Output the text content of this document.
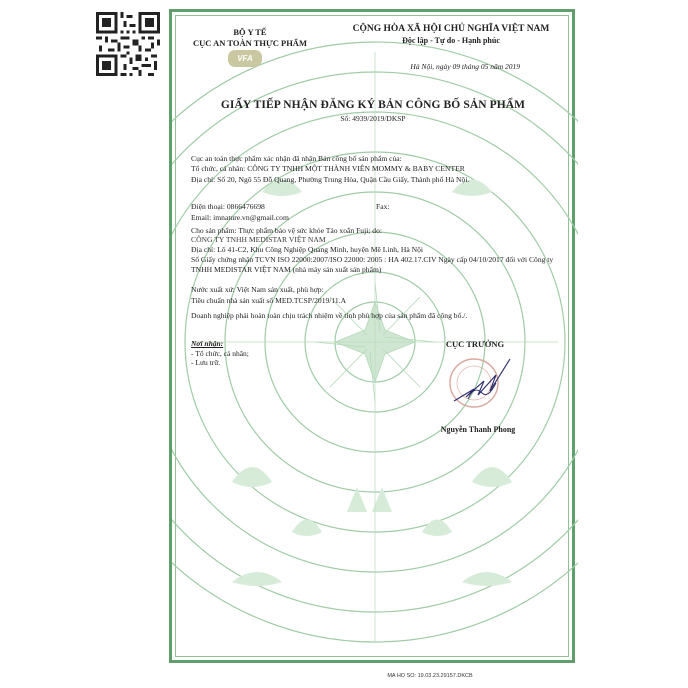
BỘ Y TẾ
CỤC AN TOÀN THỰC PHẨM
VFA
CỘNG HÒA XÃ HỘI CHỦ NGHĨA VIỆT NAM
Độc lập - Tự do - Hạnh phúc
Hà Nội, ngày 09 tháng 05 năm 2019
GIẤY TIẾP NHẬN ĐĂNG KÝ BẢN CÔNG BỐ SẢN PHẨM
Số: 4939/2019/DKSP
Cục an toàn thực phẩm xác nhận đã nhận Bản công bố sản phẩm của:
Tổ chức, cá nhân: CÔNG TY TNHH MỘT THÀNH VIÊN MOMMY & BABY CENTER
Địa chỉ: Số 20, Ngõ 55 Đỗ Quang, Phường Trung Hòa, Quận Cầu Giấy, Thành phố Hà Nội.
Điện thoại: 0866476698	Fax:
Email: imnature.vn@gmail.com
Cho sản phẩm: Thực phẩm bảo vệ sức khỏe Tảo xoắn Fuji; do:
CÔNG TY TNHH MEDISTAR VIỆT NAM
Địa chỉ: Lô 41-C2, Khu Công Nghiệp Quang Minh, huyện Mê Linh, Hà Nội
Số Giấy chứng nhận TCVN ISO 22000:2007/ISO 22000: 2005 : HA 402.17.CIV Ngày cấp 04/10/2017 đối với Công ty TNHH MEDISTAR VIỆT NAM (nhà máy sản xuất sản phẩm)
Nước xuất xứ: Việt Nam sản xuất, phù hợp:
Tiêu chuẩn nhà sản xuất số MED.TCSP/2019/11.A
Doanh nghiệp phải hoàn toàn chịu trách nhiệm về tính phù hợp của sản phẩm đã công bố./.
Nơi nhận:
- Tổ chức, cá nhân;
- Lưu trữ.
CỤC TRƯỞNG
Nguyễn Thanh Phong
MA HO SO: 19.03.23.29157.DKCB
